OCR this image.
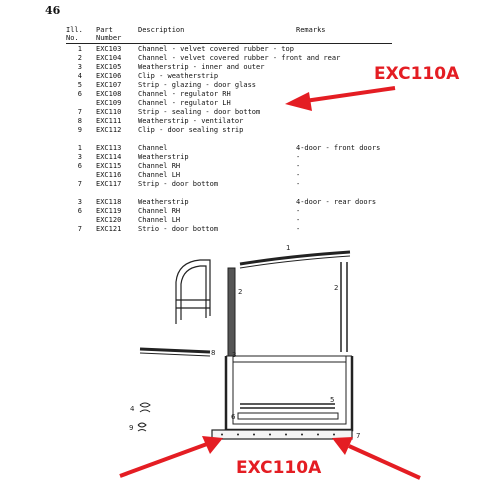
46
Ill.
No.
Part
Number
Description	Remarks
1 EXC103 Channel - velvet covered rubber - top
2 EXC104 Channel - velvet covered rubber - front and rear
3 EXC105 Weatherstrip - inner and outer
4 EXC106 Clip - weatherstrip
5 EXC107 Strip - glazing - door glass
6 EXC108 Channel - regulator RH
EXC109 Channel - regulator LH
7 EXC110 Strip - sealing - door bottom
8 EXC111 Weatherstrip - ventilator
9 EXC112 Clip - door sealing strip
1 EXC113 Channel	4-door - front doors
3 EXC114 Weatherstrip	-
6 EXC115 Channel RH	-
EXC116 Channel LH	-
7 EXC117 Strip - door bottom	-
3 EXC118 Weatherstrip	4-door - rear doors
6 EXC119 Channel RH	-
EXC120 Channel LH	-
7 EXC121 Strio - door bottom	-
1
2	2
8 3
5
6
4
9
7
EXC110A
EXC110A
